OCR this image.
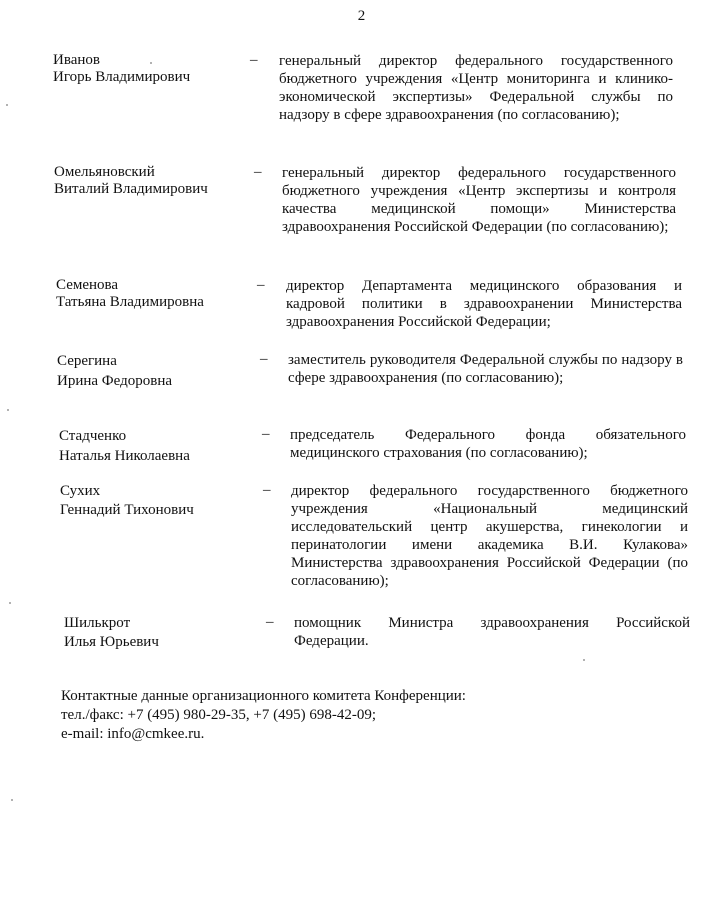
2
Иванов
Игорь Владимирович
– генеральный директор федерального государственного бюджетного учреждения «Центр мониторинга и клинико-экономической экспертизы» Федеральной службы по надзору в сфере здравоохранения (по согласованию);
Омельяновский
Виталий Владимирович
– генеральный директор федерального государственного бюджетного учреждения «Центр экспертизы и контроля качества медицинской помощи» Министерства здравоохранения Российской Федерации (по согласованию);
Семенова
Татьяна Владимировна
– директор Департамента медицинского образования и кадровой политики в здравоохранении Министерства здравоохранения Российской Федерации;
Серегина
Ирина Федоровна
– заместитель руководителя Федеральной службы по надзору в сфере здравоохранения (по согласованию);
Стадченко
Наталья Николаевна
– председатель Федерального фонда обязательного медицинского страхования (по согласованию);
Сухих
Геннадий Тихонович
– директор федерального государственного бюджетного учреждения «Национальный медицинский исследовательский центр акушерства, гинекологии и перинатологии имени академика В.И. Кулакова» Министерства здравоохранения Российской Федерации (по согласованию);
Шилькрот
Илья Юрьевич
– помощник Министра здравоохранения Российской Федерации.
Контактные данные организационного комитета Конференции:
тел./факс: +7 (495) 980-29-35, +7 (495) 698-42-09;
e-mail: info@cmkee.ru.
